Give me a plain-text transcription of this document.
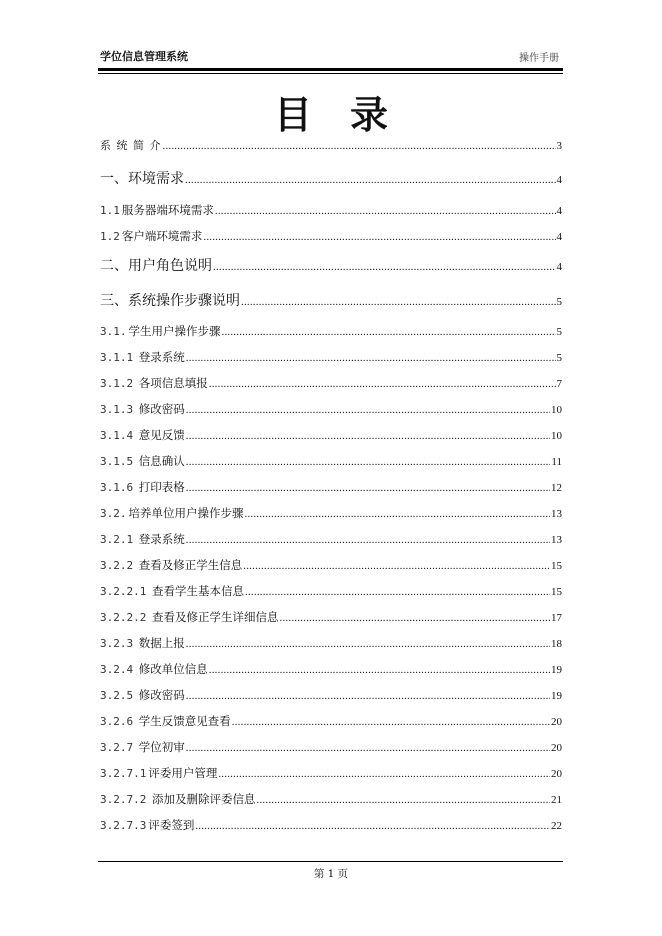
学位信息管理系统	操作手册
目录
系 统 简 介 .....	3
一、环境需求 .....	4
1.1 服务器端环境需求 .....	4
1.2 客户端环境需求 .....	4
二、用户角色说明 .....	4
三、系统操作步骤说明 .....	5
3.1. 学生用户操作步骤 .....	5
3.1.1 登录系统 .....	5
3.1.2 各项信息填报 .....	7
3.1.3 修改密码 .....	10
3.1.4 意见反馈 .....	10
3.1.5 信息确认 .....	11
3.1.6 打印表格 .....	12
3.2. 培养单位用户操作步骤 .....	13
3.2.1 登录系统 .....	13
3.2.2 查看及修正学生信息 .....	15
3.2.2.1 查看学生基本信息 .....	15
3.2.2.2 查看及修正学生详细信息 .....	17
3.2.3 数据上报 .....	18
3.2.4 修改单位信息 .....	19
3.2.5 修改密码 .....	19
3.2.6 学生反馈意见查看 .....	20
3.2.7 学位初审 .....	20
3.2.7.1 评委用户管理 .....	20
3.2.7.2 添加及删除评委信息 .....	21
3.2.7.3 评委签到 .....	22
第 1 页
